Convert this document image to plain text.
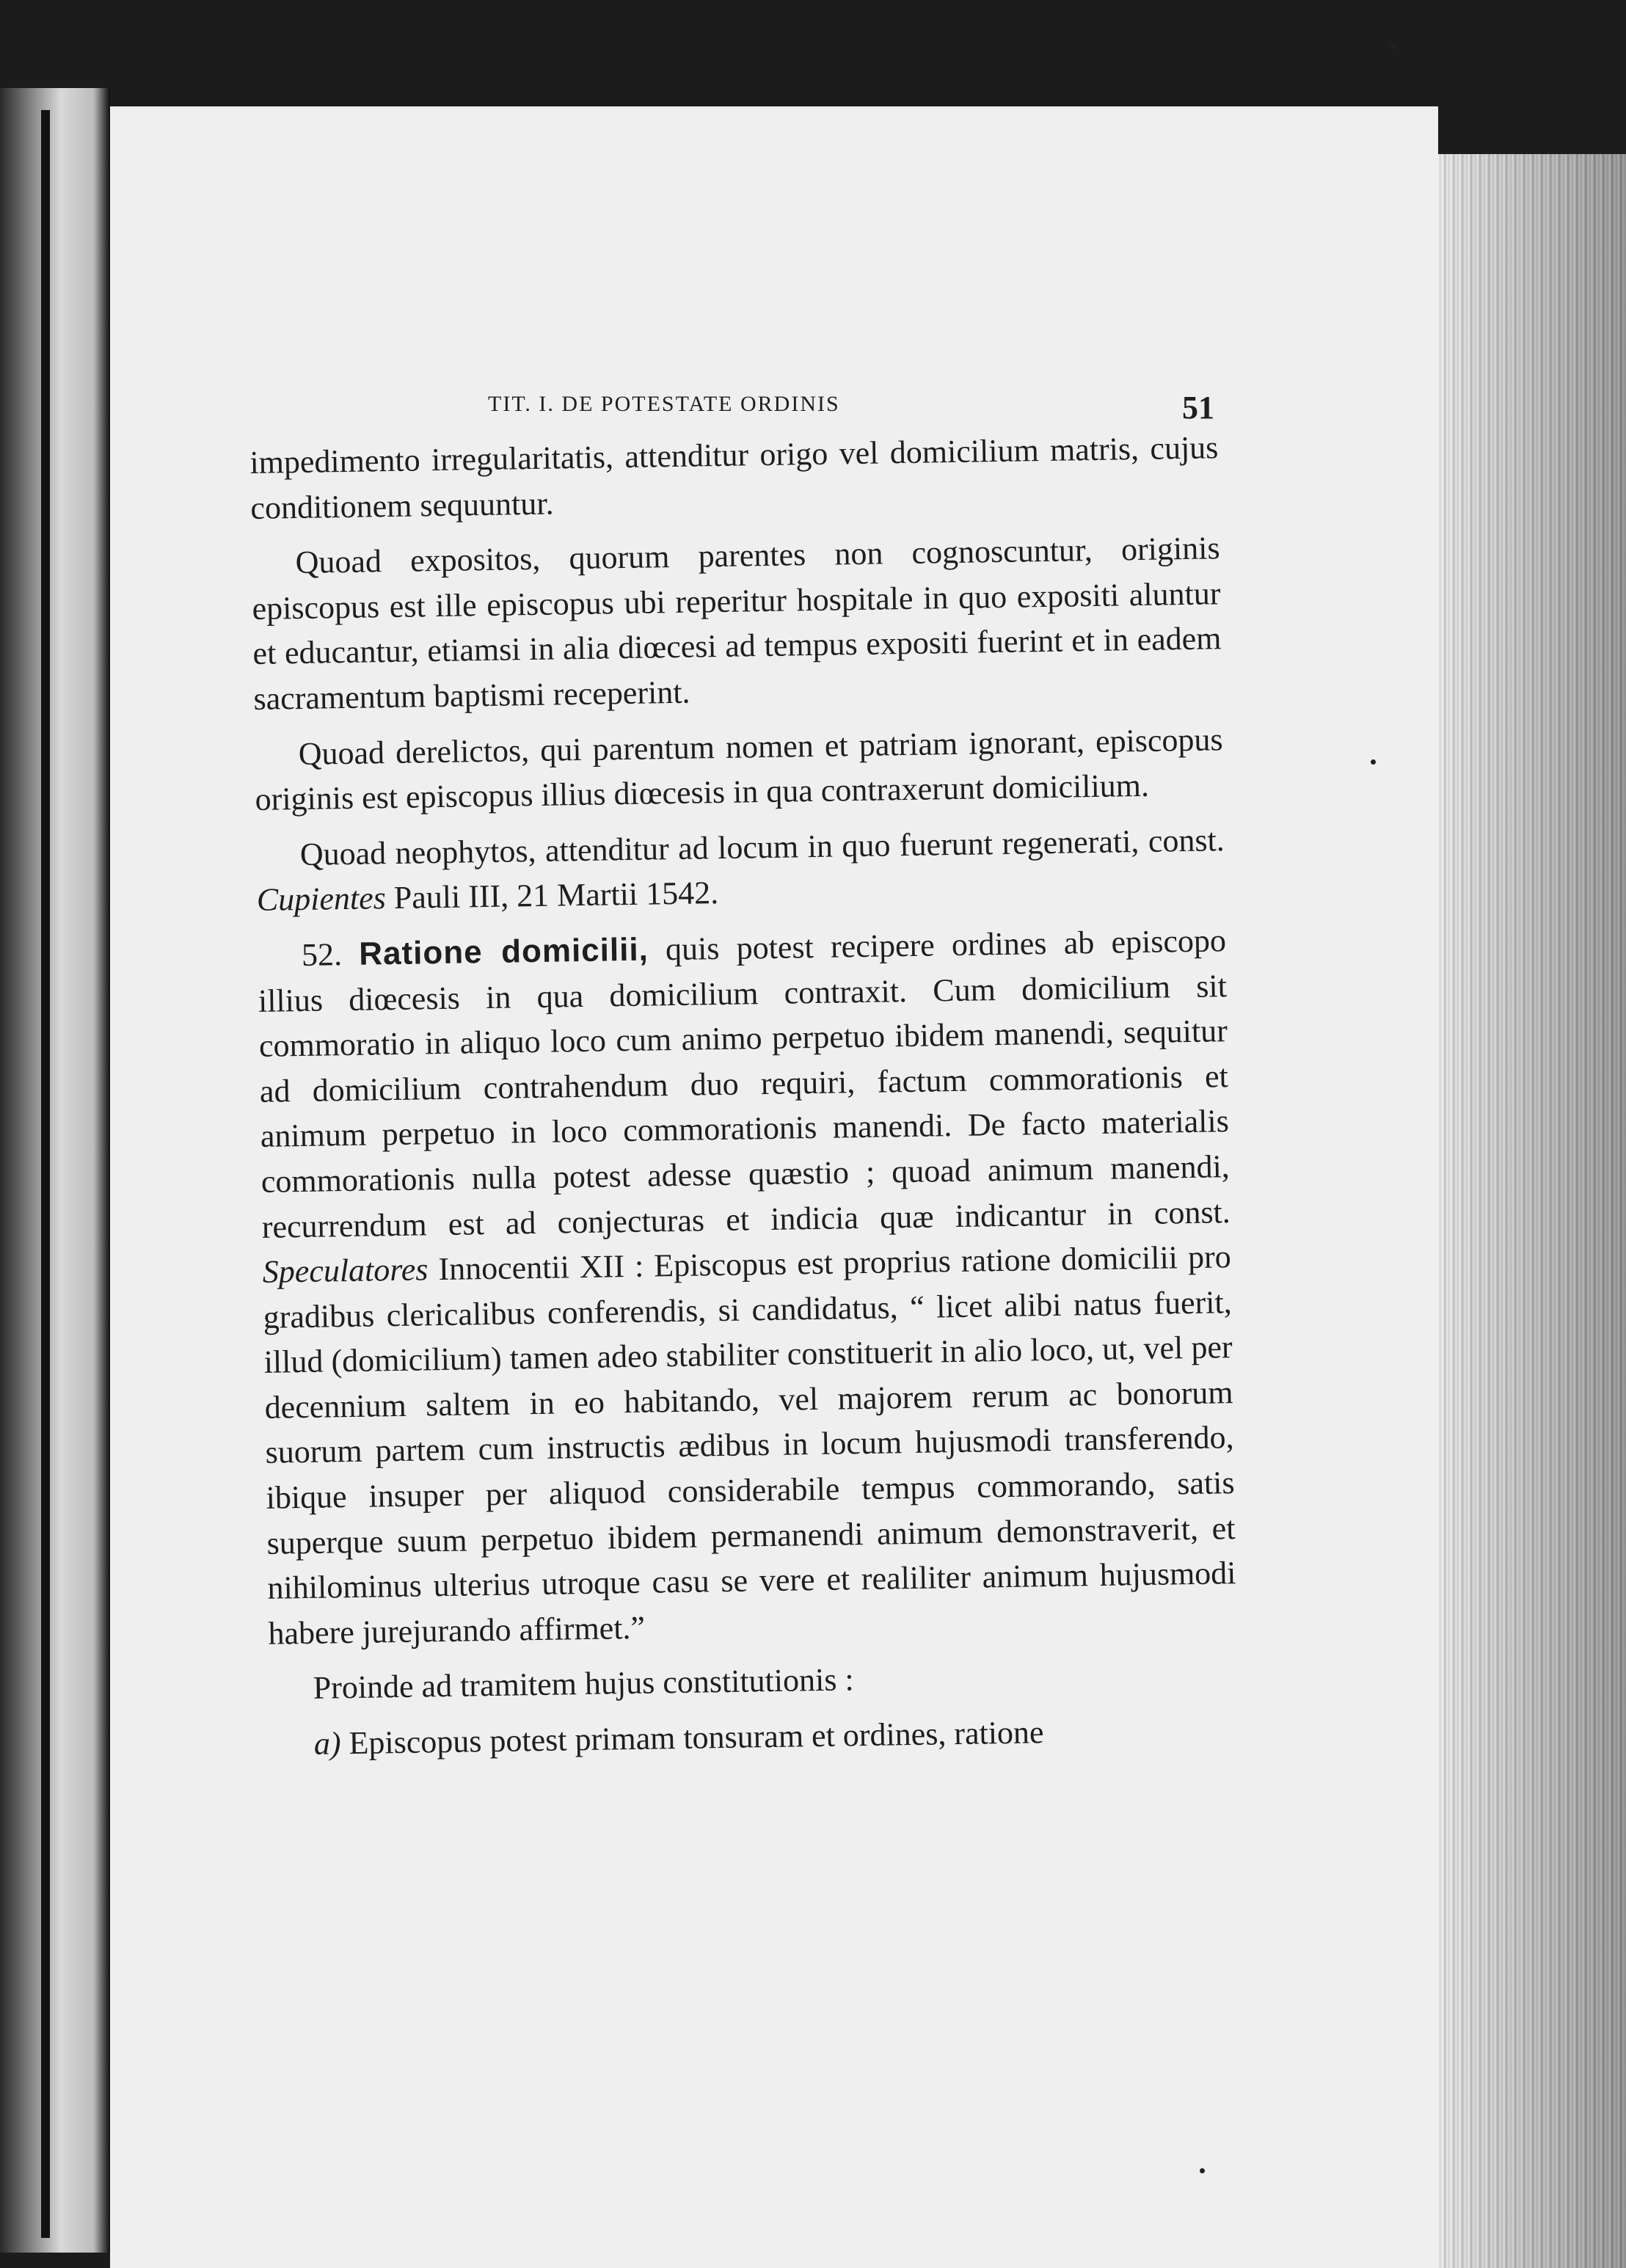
TIT. I. DE POTESTATE ORDINIS	51

impedimento irregularitatis, attenditur origo vel domicilium matris, cujus conditionem sequuntur.

Quoad expositos, quorum parentes non cognoscuntur, originis episcopus est ille episcopus ubi reperitur hospitale in quo expositi aluntur et educantur, etiamsi in alia diœcesi ad tempus expositi fuerint et in eadem sacramentum baptismi receperint.

Quoad derelictos, qui parentum nomen et patriam ignorant, episcopus originis est episcopus illius diœcesis in qua contraxerunt domicilium.

Quoad neophytos, attenditur ad locum in quo fuerunt regenerati, const. Cupientes Pauli III, 21 Martii 1542.

52. Ratione domicilii, quis potest recipere ordines ab episcopo illius diœcesis in qua domicilium contraxit. Cum domicilium sit commoratio in aliquo loco cum animo perpetuo ibidem manendi, sequitur ad domicilium contrahendum duo requiri, factum commorationis et animum perpetuo in loco commorationis manendi. De facto materialis commorationis nulla potest adesse quæstio ; quoad animum manendi, recurrendum est ad conjecturas et indicia quæ indicantur in const. Speculatores Innocentii XII : Episcopus est proprius ratione domicilii pro gradibus clericalibus conferendis, si candidatus, “ licet alibi natus fuerit, illud (domicilium) tamen adeo stabiliter constituerit in alio loco, ut, vel per decennium saltem in eo habitando, vel majorem rerum ac bonorum suorum partem cum instructis ædibus in locum hujusmodi transferendo, ibique insuper per aliquod considerabile tempus commorando, satis superque suum perpetuo ibidem permanendi animum demonstraverit, et nihilominus ulterius utroque casu se vere et realiliter animum hujusmodi habere jurejurando affirmet.”

Proinde ad tramitem hujus constitutionis :

a) Episcopus potest primam tonsuram et ordines, ratione
